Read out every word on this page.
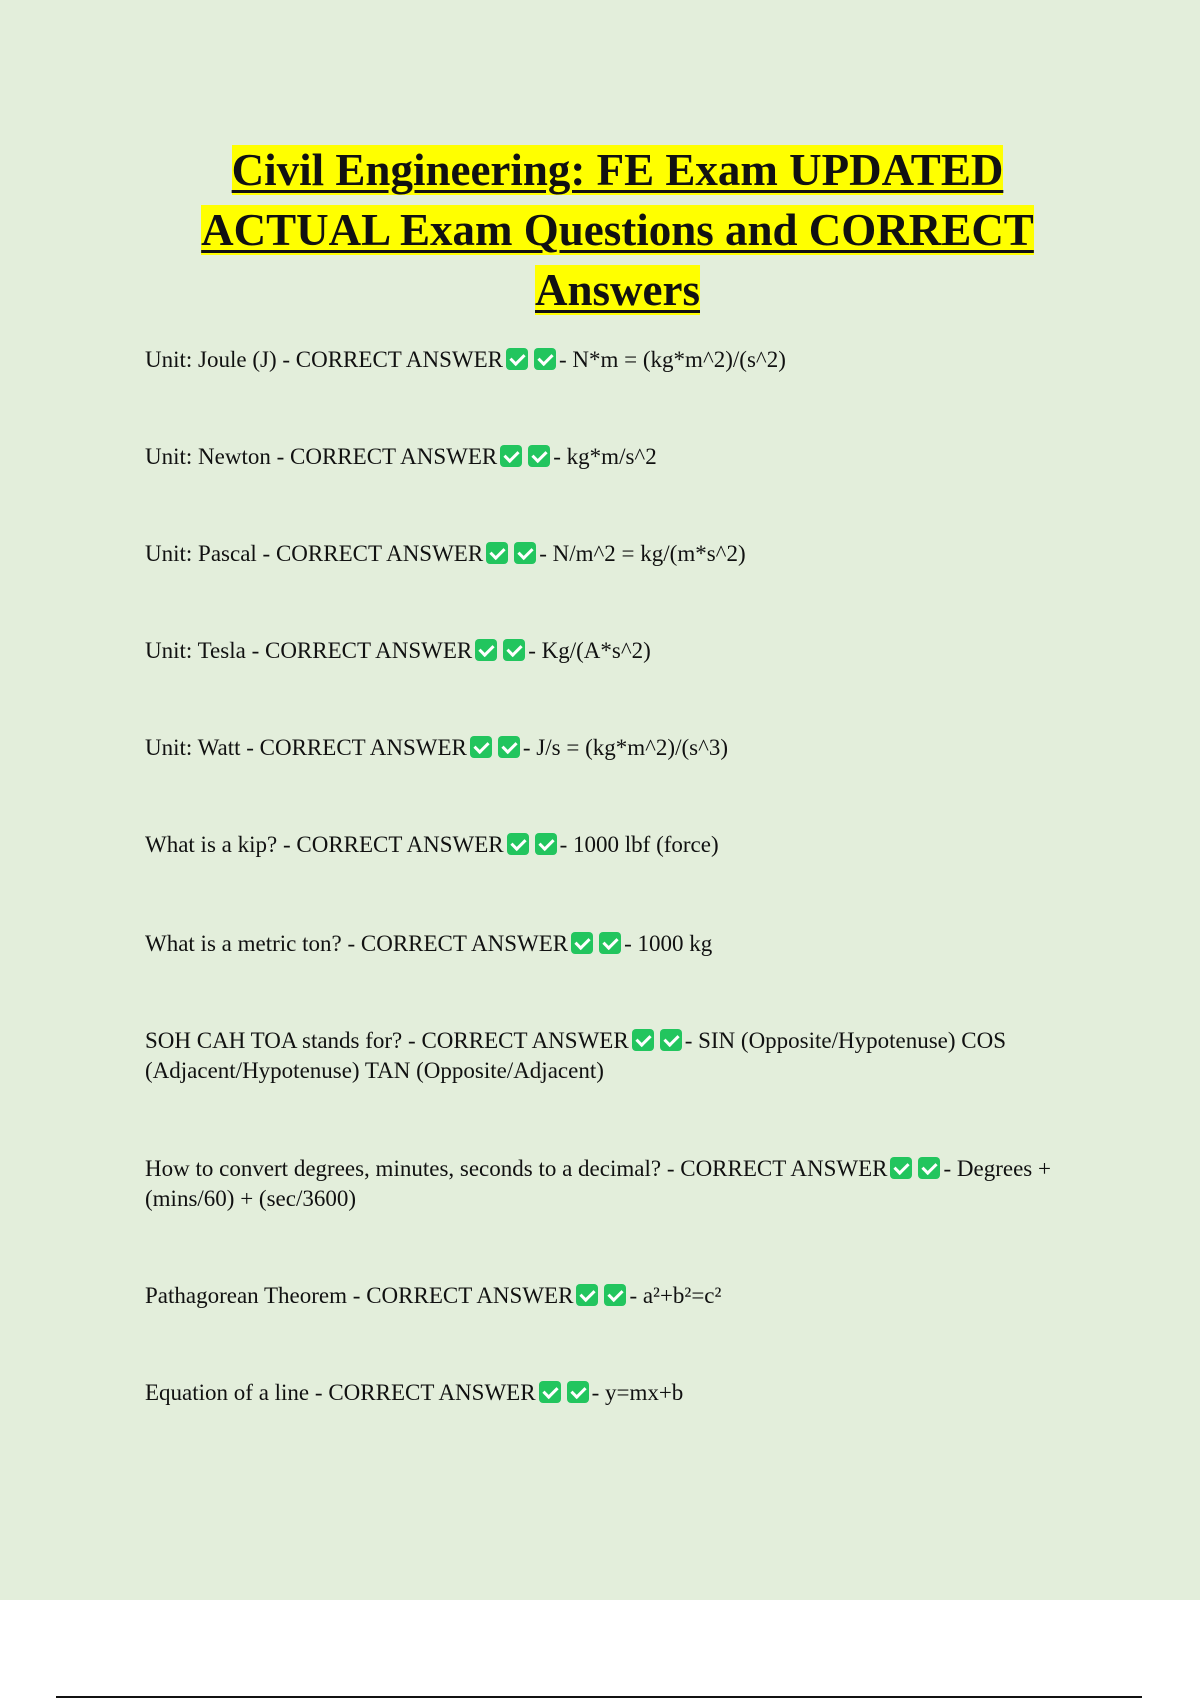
Civil Engineering: FE Exam UPDATED ACTUAL Exam Questions and CORRECT Answers

Unit: Joule (J) - CORRECT ANSWER - N*m = (kg*m^2)/(s^2)

Unit: Newton - CORRECT ANSWER - kg*m/s^2

Unit: Pascal - CORRECT ANSWER - N/m^2 = kg/(m*s^2)

Unit: Tesla - CORRECT ANSWER - Kg/(A*s^2)

Unit: Watt - CORRECT ANSWER - J/s = (kg*m^2)/(s^3)

What is a kip? - CORRECT ANSWER - 1000 lbf (force)

What is a metric ton? - CORRECT ANSWER - 1000 kg

SOH CAH TOA stands for? - CORRECT ANSWER - SIN (Opposite/Hypotenuse) COS (Adjacent/Hypotenuse) TAN (Opposite/Adjacent)

How to convert degrees, minutes, seconds to a decimal? - CORRECT ANSWER - Degrees + (mins/60) + (sec/3600)

Pathagorean Theorem - CORRECT ANSWER - a²+b²=c²

Equation of a line - CORRECT ANSWER - y=mx+b
